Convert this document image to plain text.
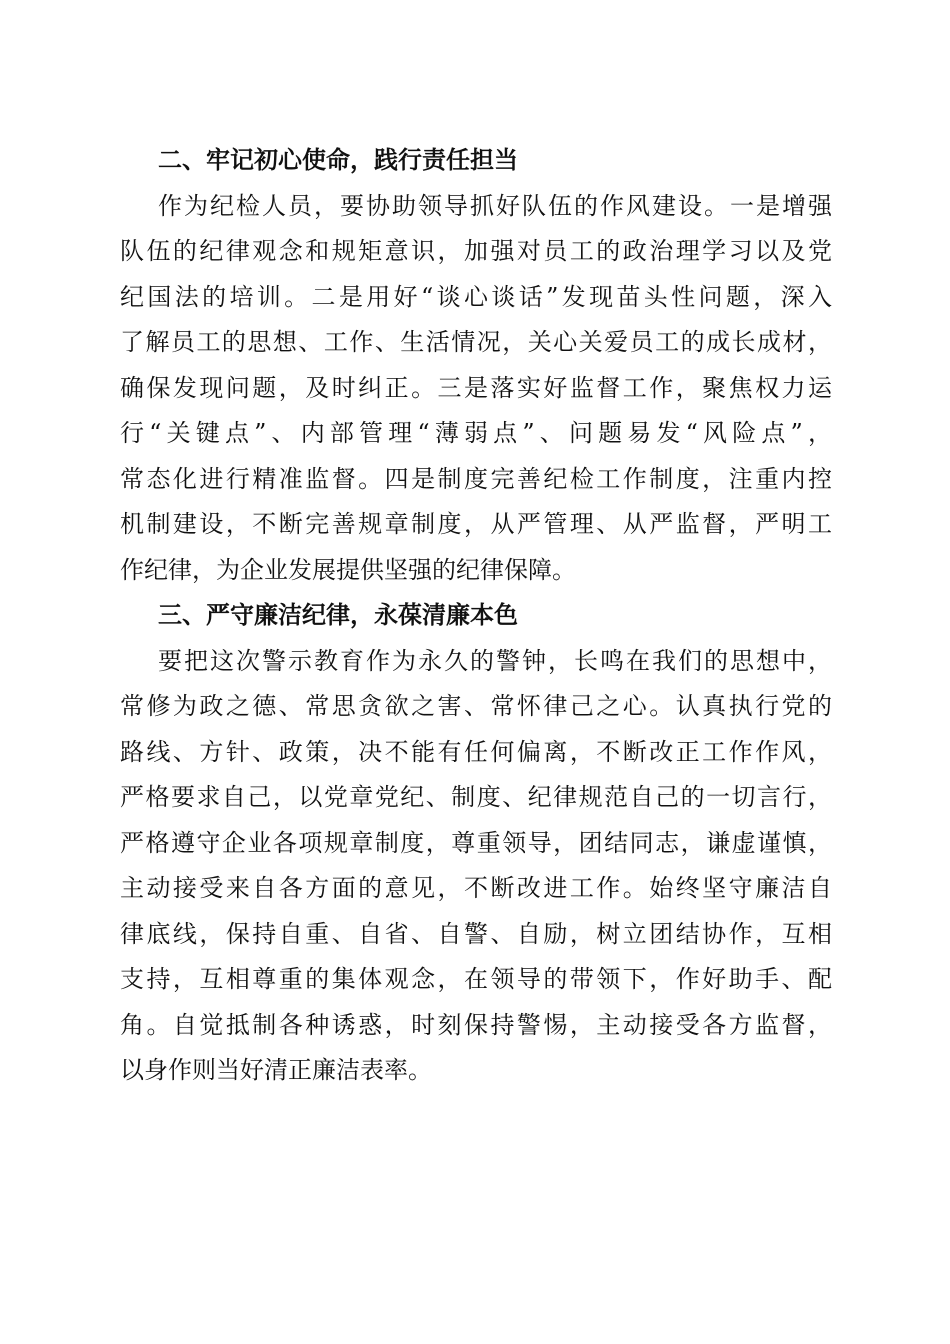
二、牢记初心使命，践行责任担当
作为纪检人员，要协助领导抓好队伍的作风建设。一是增强
队伍的纪律观念和规矩意识，加强对员工的政治理学习以及党
纪国法的培训。二是用好“谈心谈话”发现苗头性问题，深入
了解员工的思想、工作、生活情况，关心关爱员工的成长成材，
确保发现问题，及时纠正。三是落实好监督工作，聚焦权力运
行“关键点”、内部管理“薄弱点”、问题易发“风险点”，
常态化进行精准监督。四是制度完善纪检工作制度，注重内控
机制建设，不断完善规章制度，从严管理、从严监督，严明工
作纪律，为企业发展提供坚强的纪律保障。
三、严守廉洁纪律，永葆清廉本色
要把这次警示教育作为永久的警钟，长鸣在我们的思想中，
常修为政之德、常思贪欲之害、常怀律己之心。认真执行党的
路线、方针、政策，决不能有任何偏离，不断改正工作作风，
严格要求自己，以党章党纪、制度、纪律规范自己的一切言行，
严格遵守企业各项规章制度，尊重领导，团结同志，谦虚谨慎，
主动接受来自各方面的意见，不断改进工作。始终坚守廉洁自
律底线，保持自重、自省、自警、自励，树立团结协作，互相
支持，互相尊重的集体观念，在领导的带领下，作好助手、配
角。自觉抵制各种诱惑，时刻保持警惕，主动接受各方监督，
以身作则当好清正廉洁表率。
